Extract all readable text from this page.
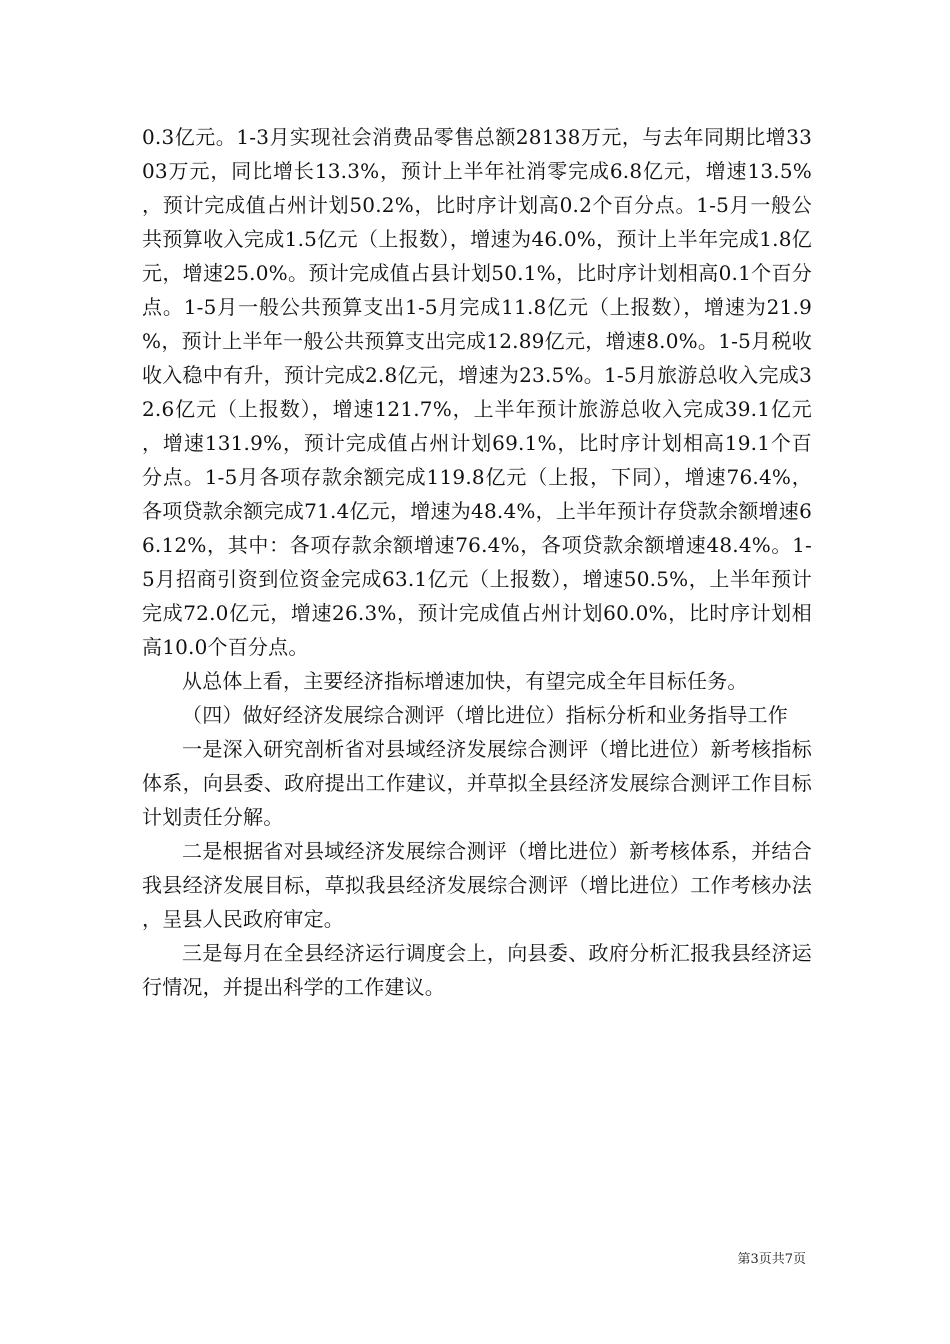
0.3亿元。1-3月实现社会消费品零售总额28138万元，与去年同期比增3303万元，同比增长13.3%，预计上半年社消零完成6.8亿元，增速13.5%，预计完成值占州计划50.2%，比时序计划高0.2个百分点。1-5月一般公共预算收入完成1.5亿元（上报数），增速为46.0%，预计上半年完成1.8亿元，增速25.0%。预计完成值占县计划50.1%，比时序计划相高0.1个百分点。1-5月一般公共预算支出1-5月完成11.8亿元（上报数），增速为21.9%，预计上半年一般公共预算支出完成12.89亿元，增速8.0%。1-5月税收收入稳中有升，预计完成2.8亿元，增速为23.5%。1-5月旅游总收入完成32.6亿元（上报数），增速121.7%，上半年预计旅游总收入完成39.1亿元，增速131.9%，预计完成值占州计划69.1%，比时序计划相高19.1个百分点。1-5月各项存款余额完成119.8亿元（上报，下同），增速76.4%，各项贷款余额完成71.4亿元，增速为48.4%，上半年预计存贷款余额增速66.12%，其中：各项存款余额增速76.4%，各项贷款余额增速48.4%。1-5月招商引资到位资金完成63.1亿元（上报数），增速50.5%，上半年预计完成72.0亿元，增速26.3%，预计完成值占州计划60.0%，比时序计划相高10.0个百分点。

从总体上看，主要经济指标增速加快，有望完成全年目标任务。

（四）做好经济发展综合测评（增比进位）指标分析和业务指导工作

一是深入研究剖析省对县域经济发展综合测评（增比进位）新考核指标体系，向县委、政府提出工作建议，并草拟全县经济发展综合测评工作目标计划责任分解。

二是根据省对县域经济发展综合测评（增比进位）新考核体系，并结合我县经济发展目标，草拟我县经济发展综合测评（增比进位）工作考核办法，呈县人民政府审定。

三是每月在全县经济运行调度会上，向县委、政府分析汇报我县经济运行情况，并提出科学的工作建议。

第3页共7页
